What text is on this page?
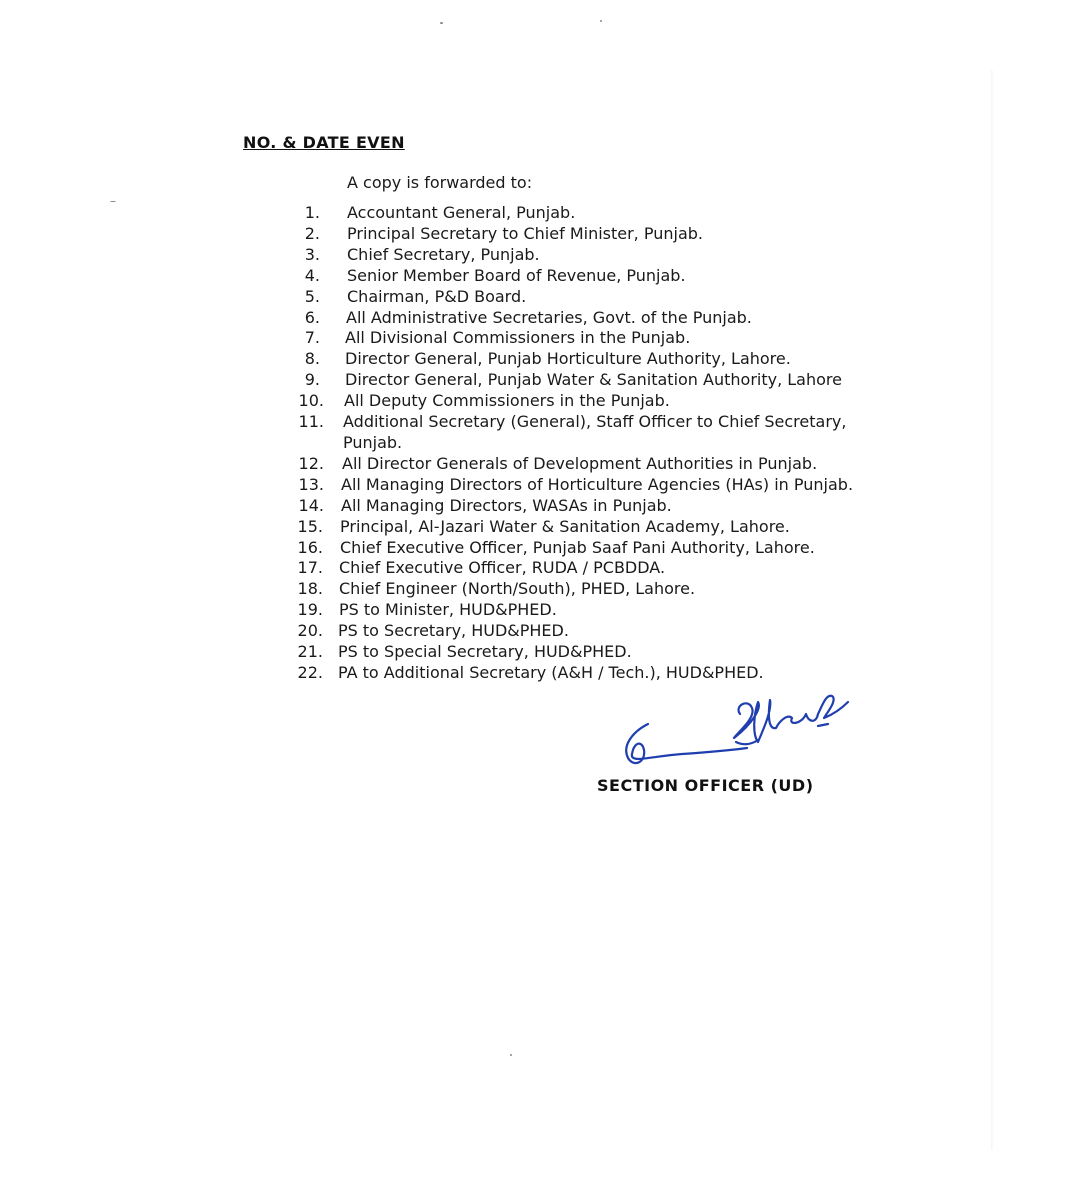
NO. & DATE EVEN
A copy is forwarded to:
1. Accountant General, Punjab.
2. Principal Secretary to Chief Minister, Punjab.
3. Chief Secretary, Punjab.
4. Senior Member Board of Revenue, Punjab.
5. Chairman, P&D Board.
6. All Administrative Secretaries, Govt. of the Punjab.
7. All Divisional Commissioners in the Punjab.
8. Director General, Punjab Horticulture Authority, Lahore.
9. Director General, Punjab Water & Sanitation Authority, Lahore
10. All Deputy Commissioners in the Punjab.
11. Additional Secretary (General), Staff Officer to Chief Secretary, Punjab.
12. All Director Generals of Development Authorities in Punjab.
13. All Managing Directors of Horticulture Agencies (HAs) in Punjab.
14. All Managing Directors, WASAs in Punjab.
15. Principal, Al-Jazari Water & Sanitation Academy, Lahore.
16. Chief Executive Officer, Punjab Saaf Pani Authority, Lahore.
17. Chief Executive Officer, RUDA / PCBDDA.
18. Chief Engineer (North/South), PHED, Lahore.
19. PS to Minister, HUD&PHED.
20. PS to Secretary, HUD&PHED.
21. PS to Special Secretary, HUD&PHED.
22. PA to Additional Secretary (A&H / Tech.), HUD&PHED.
SECTION OFFICER (UD)
